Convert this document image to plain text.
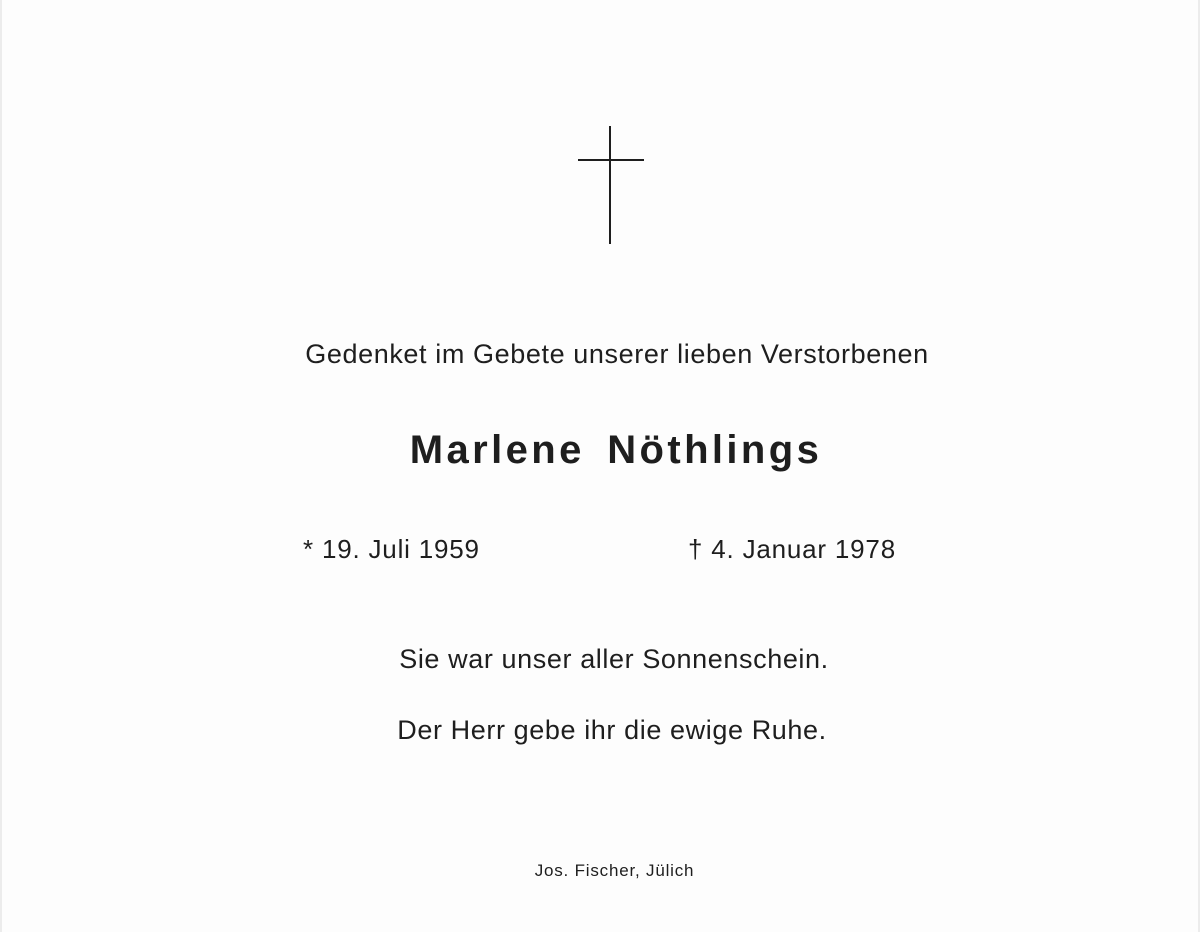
Gedenket im Gebete unserer lieben Verstorbenen
Marlene Nöthlings
* 19. Juli 1959	† 4. Januar 1978
Sie war unser aller Sonnenschein.
Der Herr gebe ihr die ewige Ruhe.
Jos. Fischer, Jülich
